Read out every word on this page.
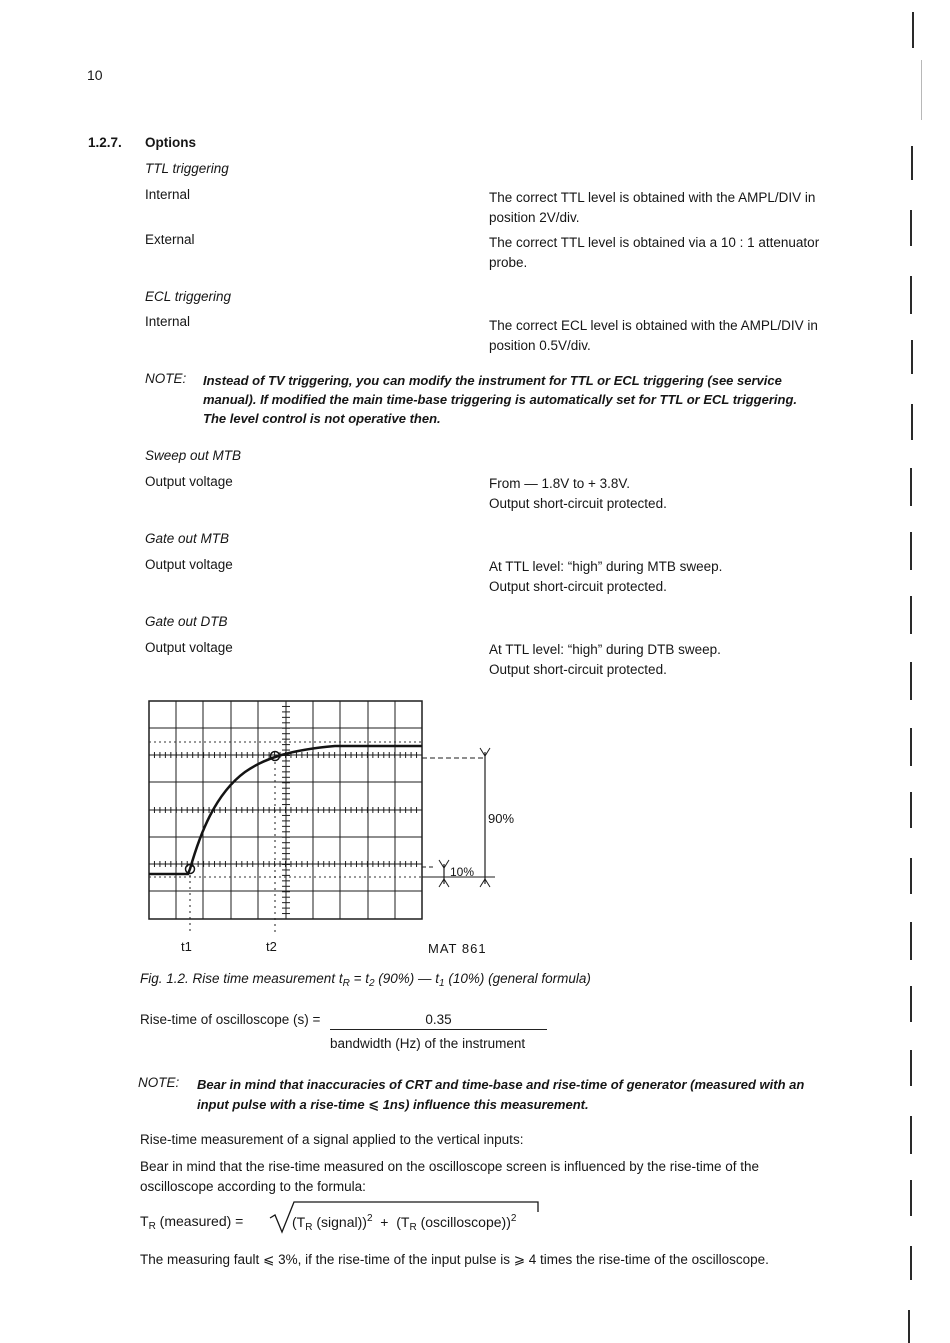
10
1.2.7. Options
TTL triggering
Internal	The correct TTL level is obtained with the AMPL/DIV in
position 2V/div.
External	The correct TTL level is obtained via a 10 : 1 attenuator
probe.
ECL triggering
Internal	The correct ECL level is obtained with the AMPL/DIV in
position 0.5V/div.
NOTE: Instead of TV triggering, you can modify the instrument for TTL or ECL triggering (see service
manual). If modified the main time-base triggering is automatically set for TTL or ECL triggering.
The level control is not operative then.
Sweep out MTB
Output voltage	From — 1.8V to + 3.8V.
Output short-circuit protected.
Gate out MTB
Output voltage	At TTL level: “high” during MTB sweep.
Output short-circuit protected.
Gate out DTB
Output voltage	At TTL level: “high” during DTB sweep.
Output short-circuit protected.
90%
10%
t1	t2	MAT 861
Fig. 1.2. Rise time measurement $t_R = t_2$ (90%) — $t_1$ (10%) (general formula)
Rise-time of oscilloscope (s) =	0.35
bandwidth (Hz) of the instrument
NOTE: Bear in mind that inaccuracies of CRT and time-base and rise-time of generator (measured with an
input pulse with a rise-time ⩽ 1ns) influence this measurement.
Rise-time measurement of a signal applied to the vertical inputs:
Bear in mind that the rise-time measured on the oscilloscope screen is influenced by the rise-time of the
oscilloscope according to the formula:
$T_R$ (measured) =	($T_R$ (signal))$^2$ +  ($T_R$ (oscilloscope))$^2$
The measuring fault ⩽ 3%, if the rise-time of the input pulse is ⩾ 4 times the rise-time of the oscilloscope.
